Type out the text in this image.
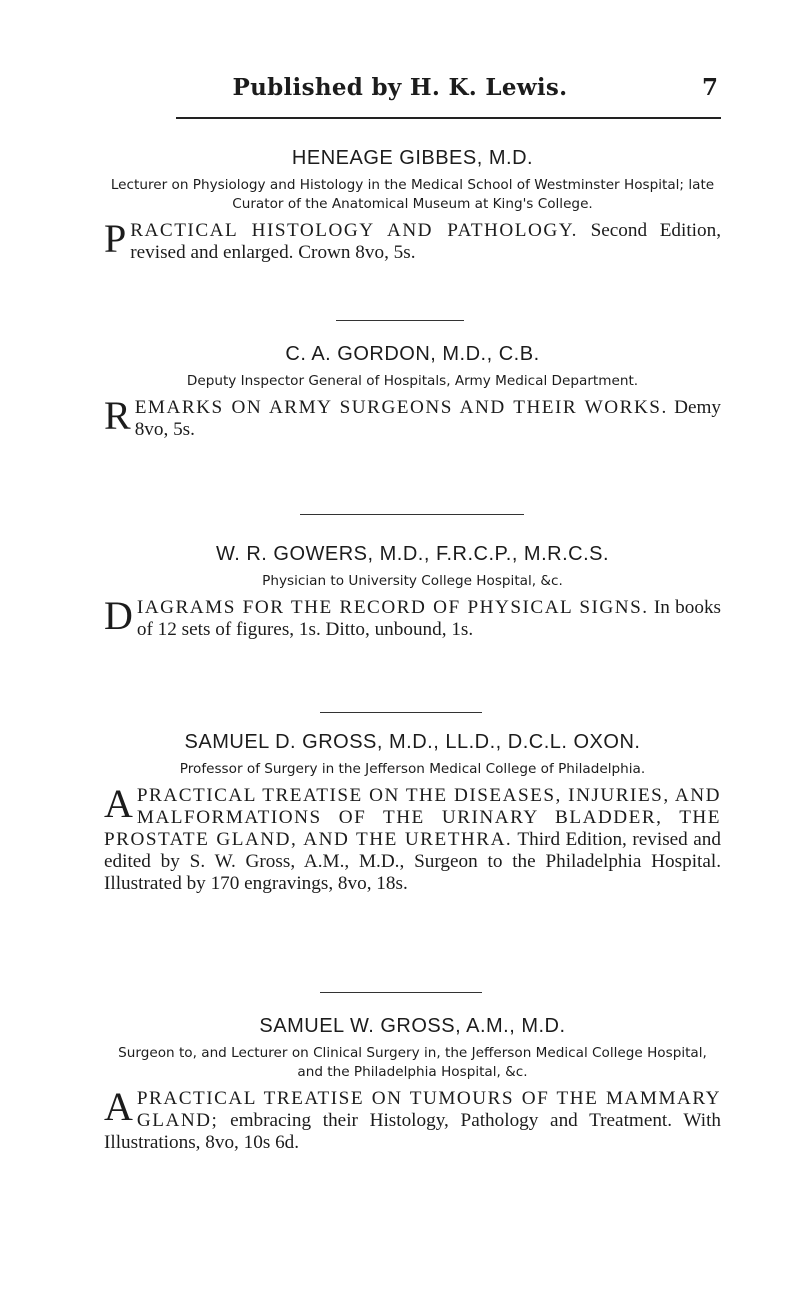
Published by H. K. Lewis.	7

HENEAGE GIBBES, M.D.

Lecturer on Physiology and Histology in the Medical School of Westminster Hospital; late Curator of the Anatomical Museum at King's College.

PRACTICAL HISTOLOGY AND PATHOLOGY. Second Edition, revised and enlarged. Crown 8vo, 5s.

C. A. GORDON, M.D., C.B.

Deputy Inspector General of Hospitals, Army Medical Department.

REMARKS ON ARMY SURGEONS AND THEIR WORKS. Demy 8vo, 5s.

W. R. GOWERS, M.D., F.R.C.P., M.R.C.S.

Physician to University College Hospital, &c.

DIAGRAMS FOR THE RECORD OF PHYSICAL SIGNS. In books of 12 sets of figures, 1s. Ditto, unbound, 1s.

SAMUEL D. GROSS, M.D., LL.D., D.C.L. OXON.

Professor of Surgery in the Jefferson Medical College of Philadelphia.

APRACTICAL TREATISE ON THE DISEASES, INJURIES, AND MALFORMATIONS OF THE URINARY BLADDER, THE PROSTATE GLAND, AND THE URETHRA. Third Edition, revised and edited by S. W. Gross, A.M., M.D., Surgeon to the Philadelphia Hospital. Illustrated by 170 engravings, 8vo, 18s.

SAMUEL W. GROSS, A.M., M.D.

Surgeon to, and Lecturer on Clinical Surgery in, the Jefferson Medical College Hospital, and the Philadelphia Hospital, &c.

APRACTICAL TREATISE ON TUMOURS OF THE MAMMARY GLAND; embracing their Histology, Pathology and Treatment. With Illustrations, 8vo, 10s 6d.
